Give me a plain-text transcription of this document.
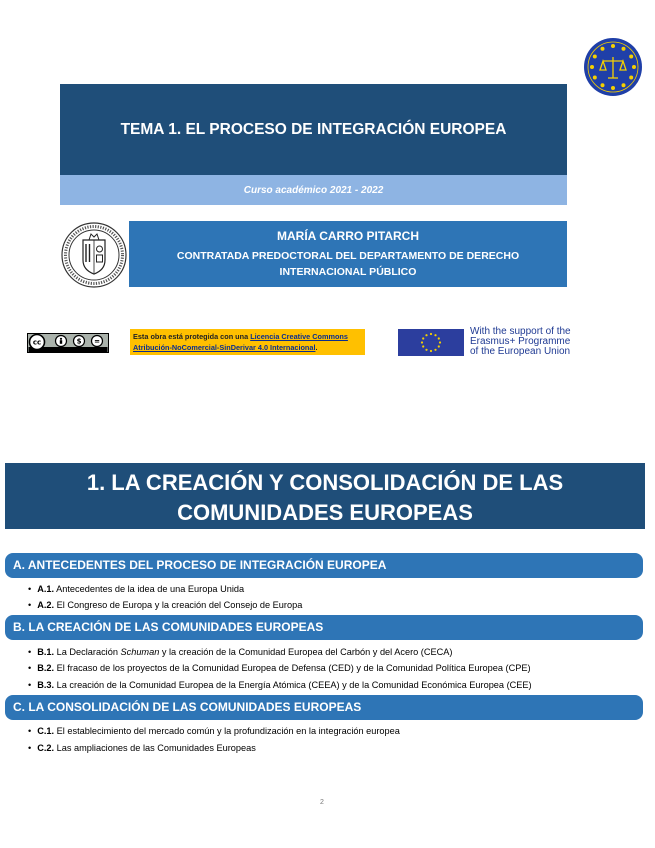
TEMA 1. EL PROCESO DE INTEGRACIÓN EUROPEA
Curso académico 2021 - 2022
MARÍA CARRO PITARCH
CONTRATADA PREDOCTORAL DEL DEPARTAMENTO DE DERECHO INTERNACIONAL PÚBLICO
cc	$ =
Esta obra está protegida con una Licencia Creative Commons
Atribución-NoComercial-SinDerivar 4.0 Internacional.
With the support of the
Erasmus+ Programme
of the European Union
1. LA CREACIÓN Y CONSOLIDACIÓN DE LAS
COMUNIDADES EUROPEAS
A. ANTECEDENTES DEL PROCESO DE INTEGRACIÓN EUROPEA
• A.1. Antecedentes de la idea de una Europa Unida
• A.2. El Congreso de Europa y la creación del Consejo de Europa
B. LA CREACIÓN DE LAS COMUNIDADES EUROPEAS
• B.1. La Declaración Schuman y la creación de la Comunidad Europea del Carbón y del Acero (CECA)
• B.2. El fracaso de los proyectos de la Comunidad Europea de Defensa (CED) y de la Comunidad Política Europea (CPE)
• B.3. La creación de la Comunidad Europea de la Energía Atómica (CEEA) y de la Comunidad Económica Europea (CEE)
C. LA CONSOLIDACIÓN DE LAS COMUNIDADES EUROPEAS
• C.1. El establecimiento del mercado común y la profundización en la integración europea
• C.2. Las ampliaciones de las Comunidades Europeas
2
